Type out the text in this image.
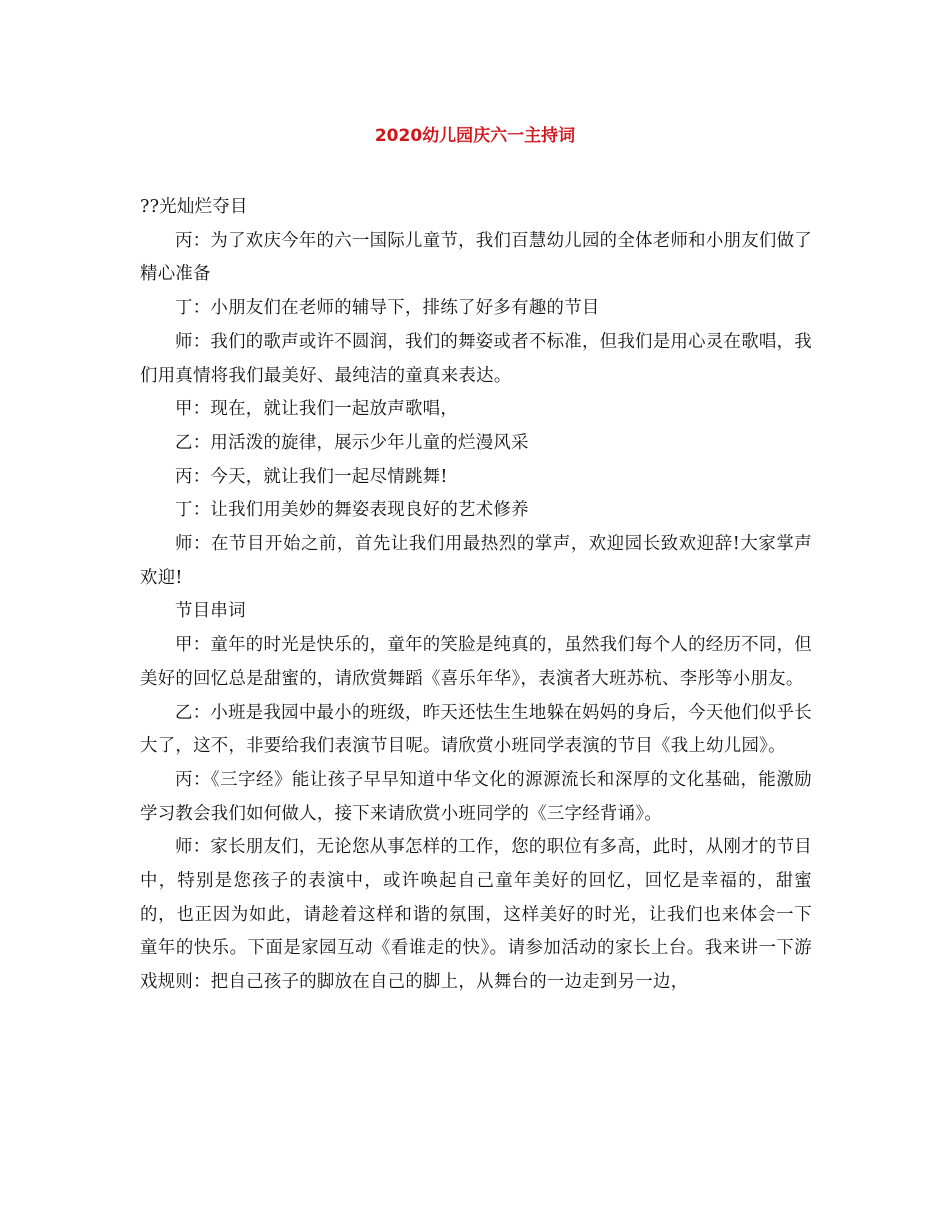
2020幼儿园庆六一主持词

??光灿烂夺目

丙：为了欢庆今年的六一国际儿童节，我们百慧幼儿园的全体老师和小朋友们做了精心准备

丁：小朋友们在老师的辅导下，排练了好多有趣的节目

师：我们的歌声或许不圆润，我们的舞姿或者不标准，但我们是用心灵在歌唱，我们用真情将我们最美好、最纯洁的童真来表达。

甲：现在，就让我们一起放声歌唱，

乙：用活泼的旋律，展示少年儿童的烂漫风采

丙：今天，就让我们一起尽情跳舞!

丁：让我们用美妙的舞姿表现良好的艺术修养

师：在节目开始之前，首先让我们用最热烈的掌声，欢迎园长致欢迎辞!大家掌声欢迎!

节目串词

甲：童年的时光是快乐的，童年的笑脸是纯真的，虽然我们每个人的经历不同，但美好的回忆总是甜蜜的，请欣赏舞蹈《喜乐年华》，表演者大班苏杭、李彤等小朋友。

乙：小班是我园中最小的班级，昨天还怯生生地躲在妈妈的身后，今天他们似乎长大了，这不，非要给我们表演节目呢。请欣赏小班同学表演的节目《我上幼儿园》。

丙：《三字经》能让孩子早早知道中华文化的源源流长和深厚的文化基础，能激励学习教会我们如何做人，接下来请欣赏小班同学的《三字经背诵》。

师：家长朋友们，无论您从事怎样的工作，您的职位有多高，此时，从刚才的节目中，特别是您孩子的表演中，或许唤起自己童年美好的回忆，回忆是幸福的，甜蜜的，也正因为如此，请趁着这样和谐的氛围，这样美好的时光，让我们也来体会一下童年的快乐。下面是家园互动《看谁走的快》。请参加活动的家长上台。我来讲一下游戏规则：把自己孩子的脚放在自己的脚上，从舞台的一边走到另一边，
